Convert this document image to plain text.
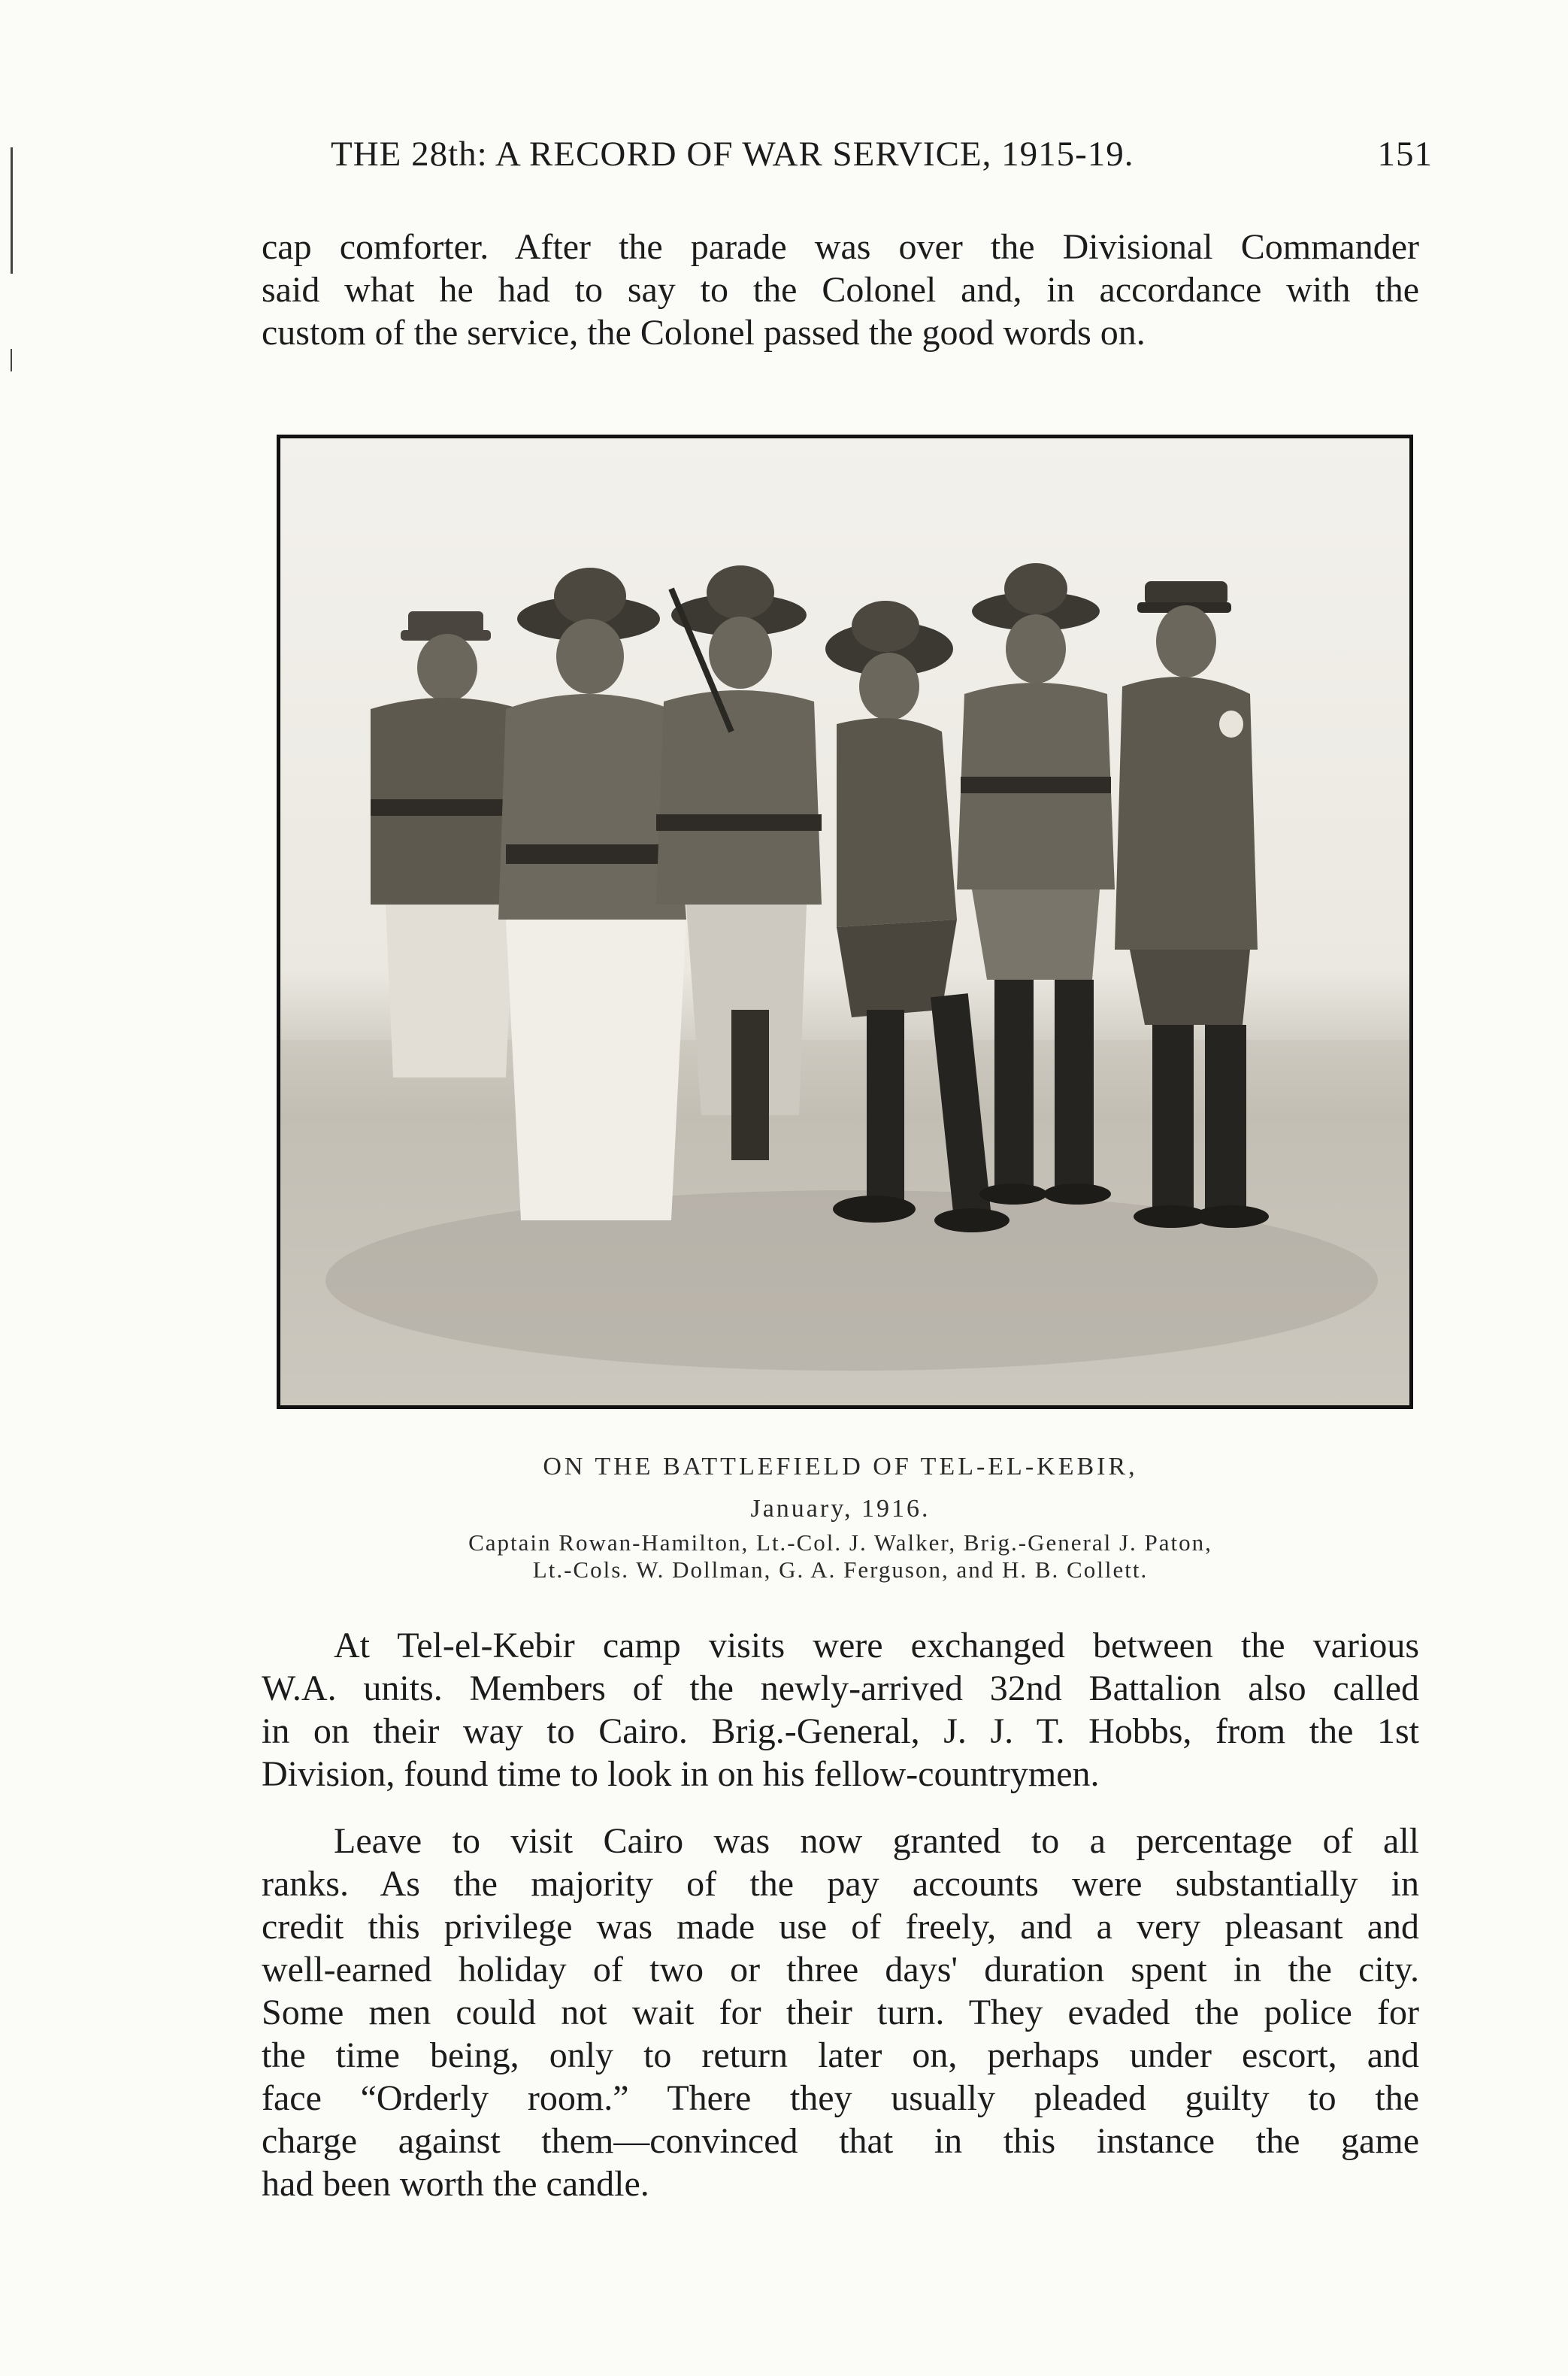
THE 28th: A RECORD OF WAR SERVICE, 1915-19.	151

cap comforter. After the parade was over the Divisional Commander
said what he had to say to the Colonel and, in accordance with the
custom of the service, the Colonel passed the good words on.

ON THE BATTLEFIELD OF TEL-EL-KEBIR,

January, 1916.

Captain Rowan-Hamilton, Lt.-Col. J. Walker, Brig.-General J. Paton,

Lt.-Cols. W. Dollman, G. A. Ferguson, and H. B. Collett.

At Tel-el-Kebir camp visits were exchanged between the various
W.A. units. Members of the newly-arrived 32nd Battalion also called
in on their way to Cairo. Brig.-General, J. J. T. Hobbs, from the 1st
Division, found time to look in on his fellow-countrymen.

Leave to visit Cairo was now granted to a percentage of all
ranks. As the majority of the pay accounts were substantially in
credit this privilege was made use of freely, and a very pleasant and
well-earned holiday of two or three days' duration spent in the city.
Some men could not wait for their turn. They evaded the police for
the time being, only to return later on, perhaps under escort, and
face “Orderly room.” There they usually pleaded guilty to the
charge against them—convinced that in this instance the game
had been worth the candle.
